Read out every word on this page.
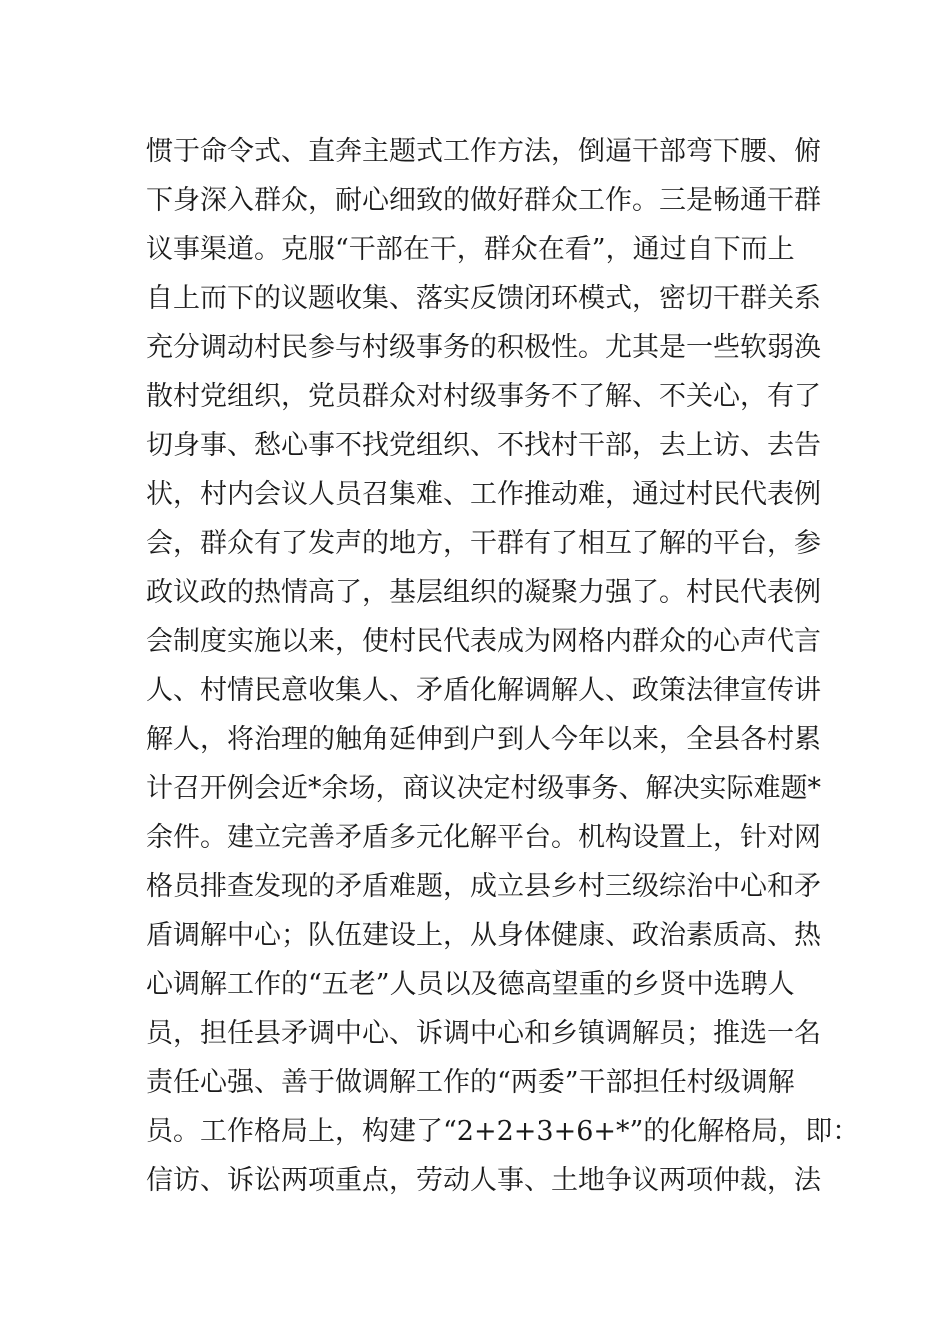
惯于命令式、直奔主题式工作方法，倒逼干部弯下腰、俯
下身深入群众，耐心细致的做好群众工作。三是畅通干群
议事渠道。克服“干部在干，群众在看”，通过自下而上
自上而下的议题收集、落实反馈闭环模式，密切干群关系
充分调动村民参与村级事务的积极性。尤其是一些软弱涣
散村党组织，党员群众对村级事务不了解、不关心，有了
切身事、愁心事不找党组织、不找村干部，去上访、去告
状，村内会议人员召集难、工作推动难，通过村民代表例
会，群众有了发声的地方，干群有了相互了解的平台，参
政议政的热情高了，基层组织的凝聚力强了。村民代表例
会制度实施以来，使村民代表成为网格内群众的心声代言
人、村情民意收集人、矛盾化解调解人、政策法律宣传讲
解人，将治理的触角延伸到户到人今年以来，全县各村累
计召开例会近*余场，商议决定村级事务、解决实际难题*
余件。建立完善矛盾多元化解平台。机构设置上，针对网
格员排查发现的矛盾难题，成立县乡村三级综治中心和矛
盾调解中心；队伍建设上，从身体健康、政治素质高、热
心调解工作的“五老”人员以及德高望重的乡贤中选聘人
员，担任县矛调中心、诉调中心和乡镇调解员；推选一名
责任心强、善于做调解工作的“两委”干部担任村级调解
员。工作格局上，构建了“2+2+3+6+*”的化解格局，即：
信访、诉讼两项重点，劳动人事、土地争议两项仲裁，法
